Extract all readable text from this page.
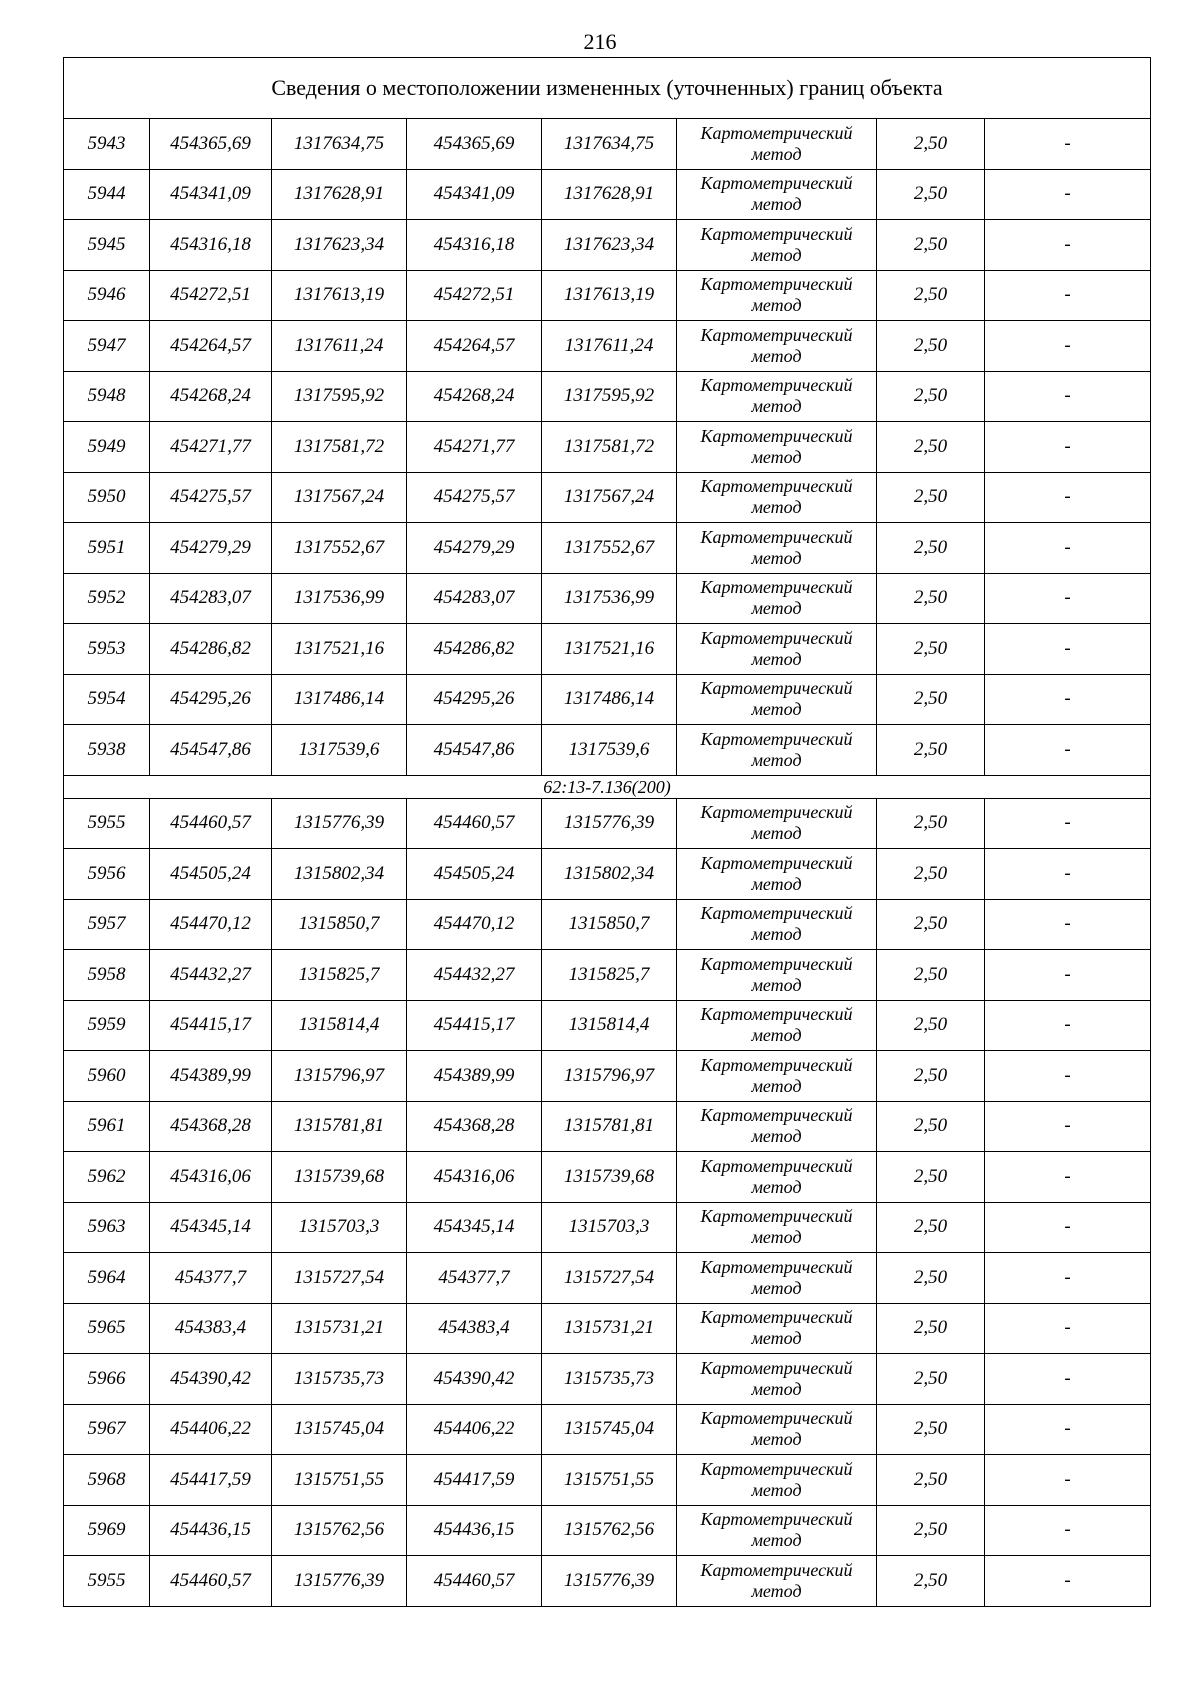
216
Сведения о местоположении измененных (уточненных) границ объекта							
5943	454365,69	1317634,75	454365,69	1317634,75	Картометрический
метод	2,50	-
5944	454341,09	1317628,91	454341,09	1317628,91	Картометрический
метод	2,50	-
5945	454316,18	1317623,34	454316,18	1317623,34	Картометрический
метод	2,50	-
5946	454272,51	1317613,19	454272,51	1317613,19	Картометрический
метод	2,50	-
5947	454264,57	1317611,24	454264,57	1317611,24	Картометрический
метод	2,50	-
5948	454268,24	1317595,92	454268,24	1317595,92	Картометрический
метод	2,50	-
5949	454271,77	1317581,72	454271,77	1317581,72	Картометрический
метод	2,50	-
5950	454275,57	1317567,24	454275,57	1317567,24	Картометрический
метод	2,50	-
5951	454279,29	1317552,67	454279,29	1317552,67	Картометрический
метод	2,50	-
5952	454283,07	1317536,99	454283,07	1317536,99	Картометрический
метод	2,50	-
5953	454286,82	1317521,16	454286,82	1317521,16	Картометрический
метод	2,50	-
5954	454295,26	1317486,14	454295,26	1317486,14	Картометрический
метод	2,50	-
5938	454547,86	1317539,6	454547,86	1317539,6	Картометрический
метод	2,50	-
62:13-7.136(200)							
5955	454460,57	1315776,39	454460,57	1315776,39	Картометрический
метод	2,50	-
5956	454505,24	1315802,34	454505,24	1315802,34	Картометрический
метод	2,50	-
5957	454470,12	1315850,7	454470,12	1315850,7	Картометрический
метод	2,50	-
5958	454432,27	1315825,7	454432,27	1315825,7	Картометрический
метод	2,50	-
5959	454415,17	1315814,4	454415,17	1315814,4	Картометрический
метод	2,50	-
5960	454389,99	1315796,97	454389,99	1315796,97	Картометрический
метод	2,50	-
5961	454368,28	1315781,81	454368,28	1315781,81	Картометрический
метод	2,50	-
5962	454316,06	1315739,68	454316,06	1315739,68	Картометрический
метод	2,50	-
5963	454345,14	1315703,3	454345,14	1315703,3	Картометрический
метод	2,50	-
5964	454377,7	1315727,54	454377,7	1315727,54	Картометрический
метод	2,50	-
5965	454383,4	1315731,21	454383,4	1315731,21	Картометрический
метод	2,50	-
5966	454390,42	1315735,73	454390,42	1315735,73	Картометрический
метод	2,50	-
5967	454406,22	1315745,04	454406,22	1315745,04	Картометрический
метод	2,50	-
5968	454417,59	1315751,55	454417,59	1315751,55	Картометрический
метод	2,50	-
5969	454436,15	1315762,56	454436,15	1315762,56	Картометрический
метод	2,50	-
5955	454460,57	1315776,39	454460,57	1315776,39	Картометрический
метод	2,50	-
